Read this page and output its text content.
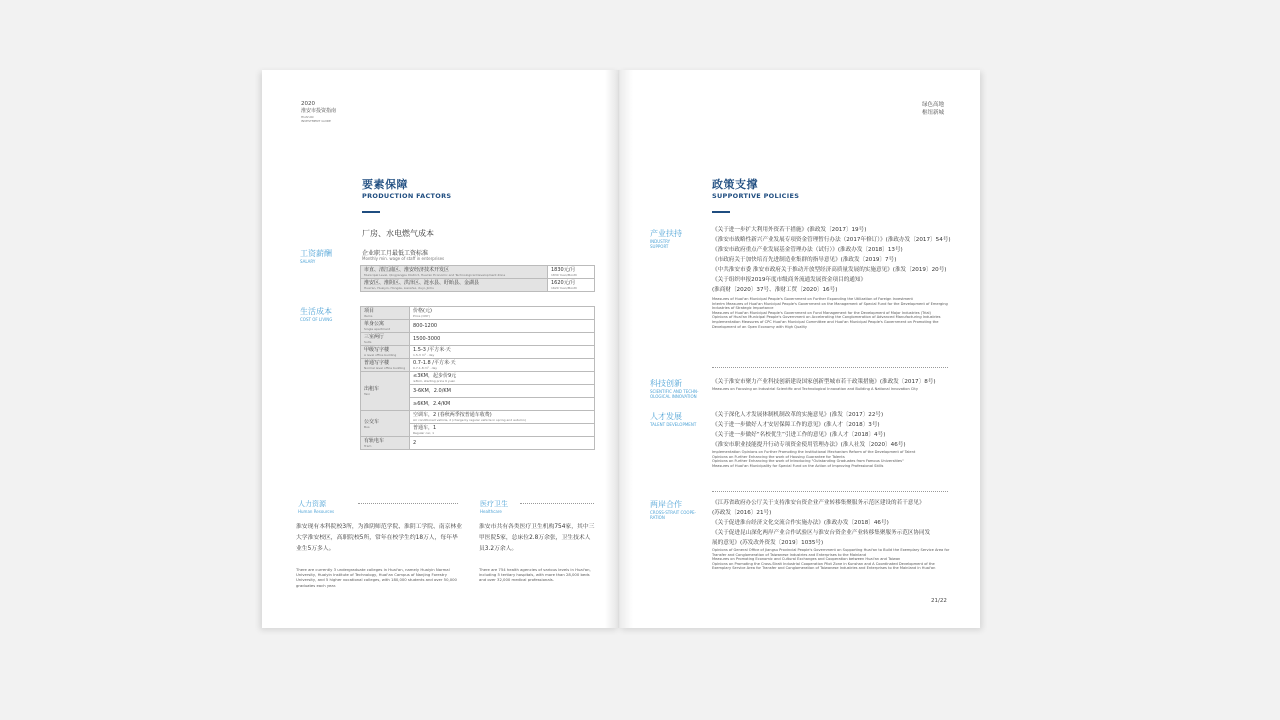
2020
淮安市投资指南
HUAI'AN
INVESTMENT GUIDE
要素保障
PRODUCTION FACTORS
厂房、水电燃气成本
工资薪酬
SALARY
企业职工月最低工资标准
Monthly min. wage of staff in enterprises
市直、清江浦区、淮安经济技术开发区
Municipal Level, Qingjiangpu District, Huai'an Economic and Technological Development Zone	1830元/月
1830 Yuan/Month

淮安区、淮阴区、洪泽区、涟水县、盱眙县、金湖县
Huai'an, Huaiyin, Hongze, Lianshui, Xuyi, Jinhu	1620元/月
1620 Yuan/Month
生活成本
COST OF LIVING
项目
Items	价格(元)
Price (CNY)

单身公寓
Single apartment	800-1200
三室两厅
Suits	1500-3000
甲级写字楼
A level office building	1.5-3 /平方米·天
1.5-3 m² · day

普通写字楼
Normal level office building	0.7-1.8 /平方米·天
0.7-1.8 m² · day

出租车
Taxi	≤3KM，起步价9元
≤3km, starting price 9 yuan

	3-6KM，2.0/KM
	≥6KM，2.4/KM
公交车
Bus	空调车，2 (春秋两季按普通车收费)
Air conditioned vehicle, 2 (charge by regular vehicle in spring and autumn)

	普通车，1
Regular car, 1

有轨电车
Tram	2
人力资源
Human Resources
淮安现有本科院校3所，为淮阴师范学院、淮阴工学院、南京林业大学淮安校区，高职院校5所，常年在校学生约18万人，每年毕业生5万多人。
There are currently 3 undergraduate colleges in Huai'an, namely Huaiyin Normal University, Huaiyin Institute of Technology, Huai'an Campus of Nanjing Forestry University, and 5 higher vocational colleges, with 180,000 students and over 50,000 graduates each year.
医疗卫生
Healthcare
淮安市共有各类医疗卫生机构754家，其中三甲医院5家，总床位2.8万余张，卫生技术人员3.2万余人。
There are 754 health agencies of various levels in Huai'an, including 5 tertiary hospitals, with more than 28,000 beds and over 32,000 medical professionals.
绿色高地
枢纽新城
政策支撑
SUPPORTIVE POLICIES
产业扶持
INDUSTRY
SUPPORT
《关于进一步扩大利用外资若干措施》(淮政发〔2017〕19号)
《淮安市战略性新兴产业发展专项资金管理暂行办法（2017年修订）》(淮政办发〔2017〕54号)
《淮安市政府重点产业发展基金管理办法（试行）》(淮政办发〔2018〕13号)
《市政府关于加快培育先进制造业集群的指导意见》(淮政发〔2019〕7号)
《中共淮安市委 淮安市政府关于推动开放型经济高质量发展的实施意见》(淮发〔2019〕20号)
《关于组织申报2019年度市级商务流通发展资金项目的通知》
(淮商财〔2020〕37号、淮财工贸〔2020〕16号)
Measures of Huai'an Municipal People's Government on Further Expanding the Utilization of Foreign Investment
Interim Measures of Huai'an Municipal People's Government on the Management of Special Fund for the Development of Emerging Industries of Strategic Importance
Measures of Huai'an Municipal People's Government on Fund Management for the Development of Major Industries (Trial)
Opinions of Huai'an Municipal People's Government on Accelerating the Conglomeration of Advanced Manufacturing Industries
Implementation Measures of CPC Huai'an Municipal Committee and Huai'an Municipal People's Government on Promoting the Development of an Open Economy with High Quality
科技创新
SCIENTIFIC AND TECHN-
OLOGICAL INNOVATION
《关于淮安市聚力产业科技创新建设国家创新型城市若干政策措施》(淮政发〔2017〕8号)
Measures on Focusing on Industrial Scientific and Technological Innovation and Building A National Innovation City
人才发展
TALENT DEVELOPMENT
《关于深化人才发展体制机制改革的实施意见》(淮发〔2017〕22号)
《关于进一步做好人才安居保障工作的意见》(淮人才〔2018〕3号)
《关于进一步做好“名校优生”引进工作的意见》(淮人才〔2018〕4号)
《淮安市职业技能提升行动专项资金使用管理办法》(淮人社发〔2020〕46号)
Implementation Opinions on Further Promoting the Institutional Mechanism Reform of the Development of Talent
Opinions on Further Enhancing the work of Housing Guarantee for Talents
Opinions on Further Enhancing the work of Introducing "Outstanding Graduates from Famous Universities"
Measures of Huai'an Municipality for Special Fund on the Action of Improving Professional Skills
两岸合作
CROSS-STRAIT COOPE-
RATION
《江苏省政府办公厅关于支持淮安台资企业产业转移集聚服务示范区建设的若干意见》
(苏政发〔2016〕21号)
《关于促进淮台经济文化交流合作实施办法》(淮政办发〔2018〕46号)
《关于促进昆山深化两岸产业合作试验区与淮安台资企业产业转移集聚服务示范区协同发
展的意见》(苏发改外资发〔2019〕1035号)
Opinions of General Office of Jiangsu Provincial People's Government on Supporting Huai'an to Build the Exemplary Service Area for Transfer and Conglomeration of Taiwanese Industries and Enterprises to the Mainland
Measures on Promoting Economic and Cultural Exchanges and Cooperation between Huai'an and Taiwan
Opinions on Promoting the Cross-Strait Industrial Cooperation Pilot Zone in Kunshan and A Coordinated Development of the Exemplary Service Area for Transfer and Conglomeration of Taiwanese Industries and Enterprises to the Mainland in Huai'an
21/22
